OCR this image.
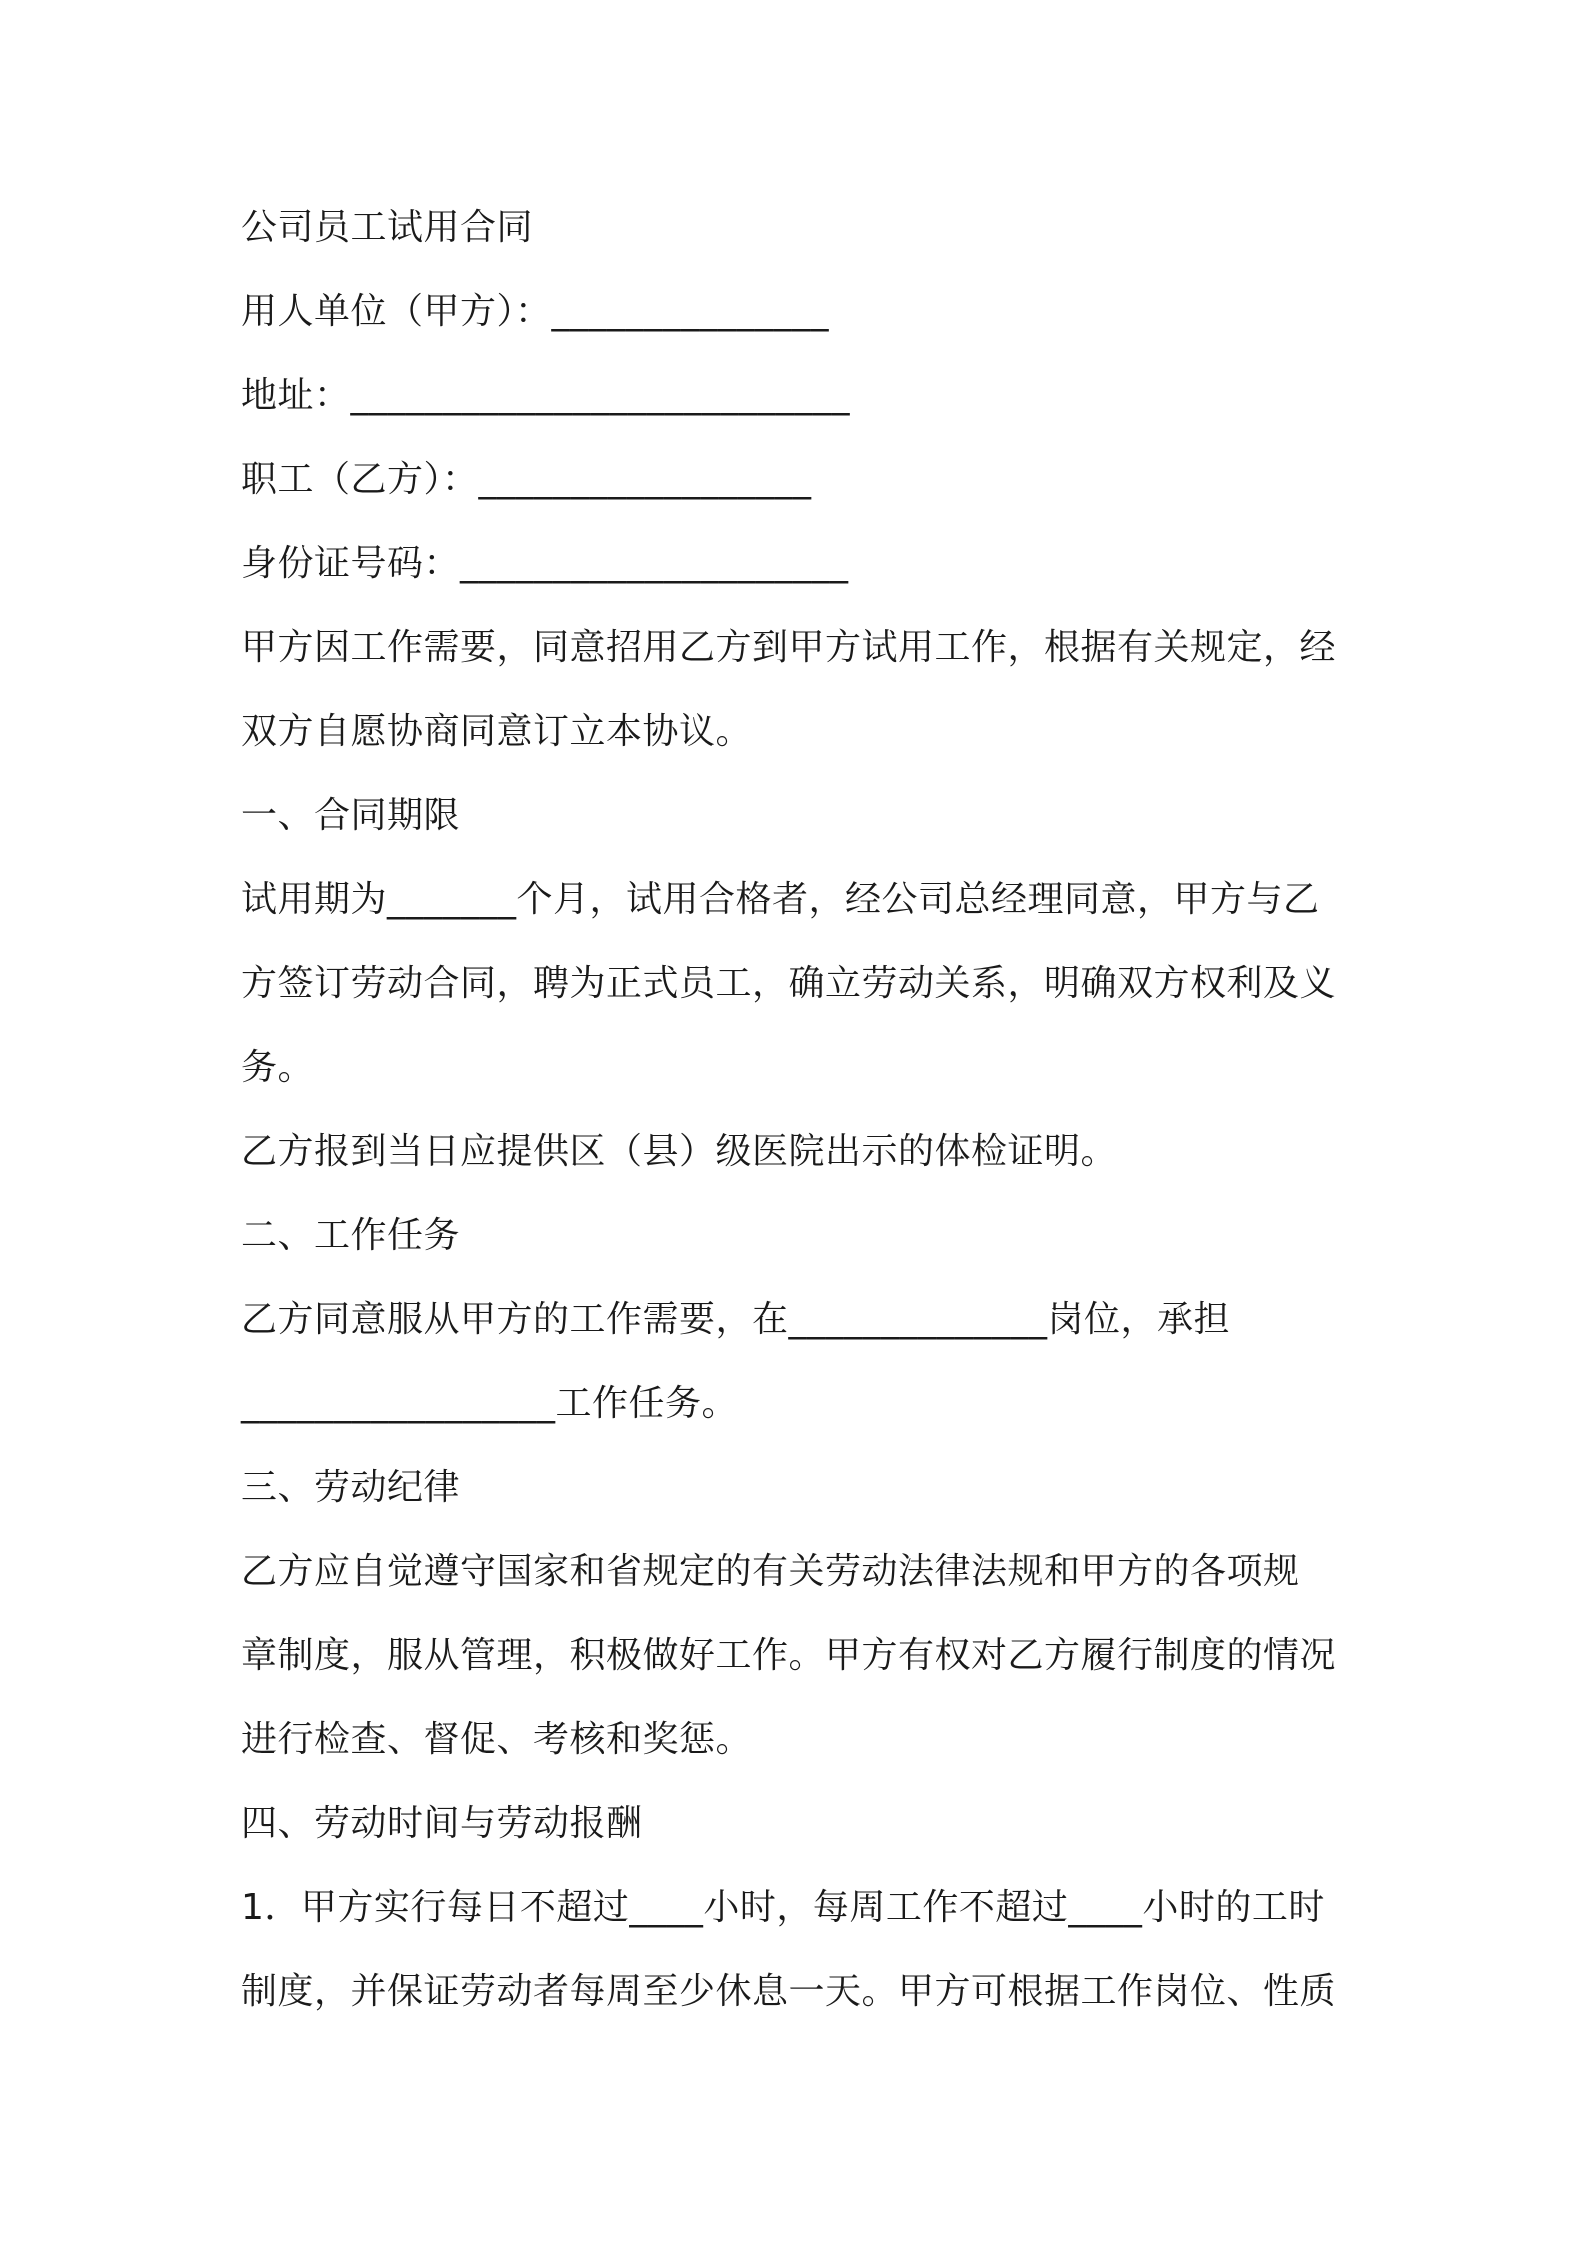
公司员工试用合同
用人单位（甲方）：_______________
地址：___________________________
职工（乙方）：__________________
身份证号码：_____________________
甲方因工作需要，同意招用乙方到甲方试用工作，根据有关规定，经
双方自愿协商同意订立本协议。
一、合同期限
试用期为_______个月，试用合格者，经公司总经理同意，甲方与乙
方签订劳动合同，聘为正式员工，确立劳动关系，明确双方权利及义
务。
乙方报到当日应提供区（县）级医院出示的体检证明。
二、工作任务
乙方同意服从甲方的工作需要，在______________岗位，承担
_________________工作任务。
三、劳动纪律
乙方应自觉遵守国家和省规定的有关劳动法律法规和甲方的各项规
章制度，服从管理，积极做好工作。甲方有权对乙方履行制度的情况
进行检查、督促、考核和奖惩。
四、劳动时间与劳动报酬
1．甲方实行每日不超过____小时，每周工作不超过____小时的工时
制度，并保证劳动者每周至少休息一天。甲方可根据工作岗位、性质
